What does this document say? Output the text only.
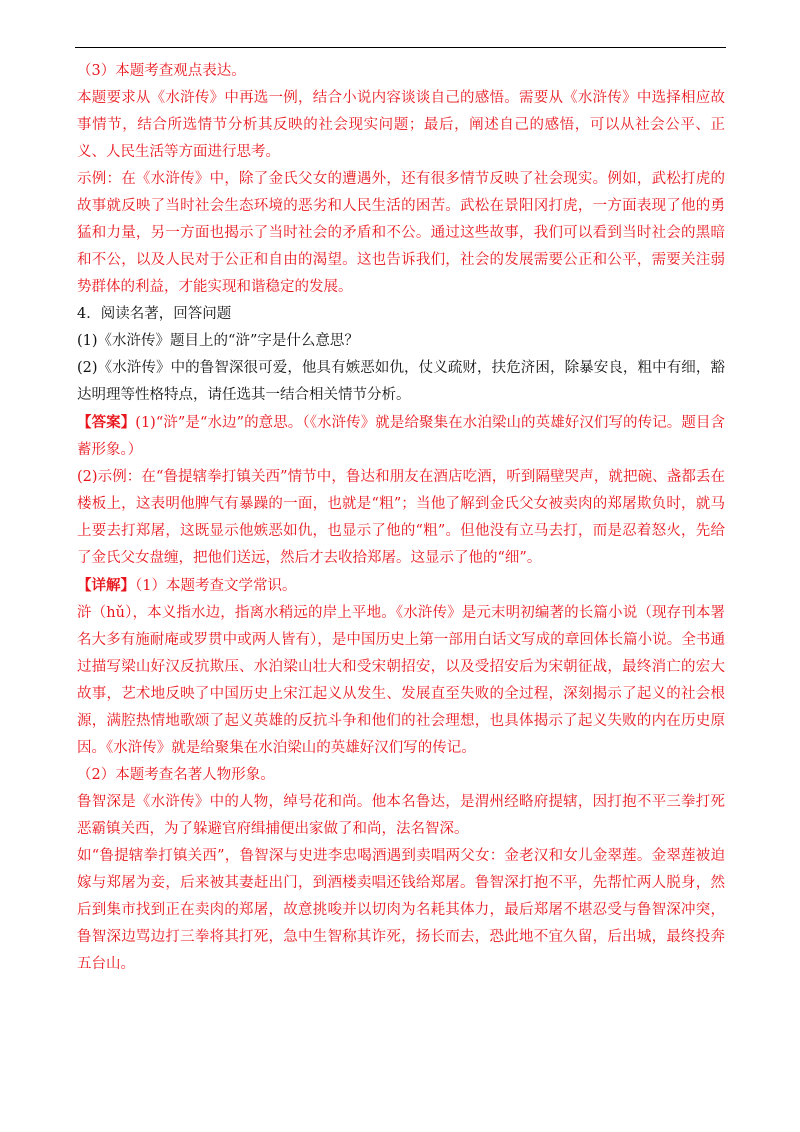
（3）本题考查观点表达。

本题要求从《水浒传》中再选一例，结合小说内容谈谈自己的感悟。需要从《水浒传》中选择相应故事情节，结合所选情节分析其反映的社会现实问题；最后，阐述自己的感悟，可以从社会公平、正义、人民生活等方面进行思考。

示例：在《水浒传》中，除了金氏父女的遭遇外，还有很多情节反映了社会现实。例如，武松打虎的故事就反映了当时社会生态环境的恶劣和人民生活的困苦。武松在景阳冈打虎，一方面表现了他的勇猛和力量，另一方面也揭示了当时社会的矛盾和不公。通过这些故事，我们可以看到当时社会的黑暗和不公，以及人民对于公正和自由的渴望。这也告诉我们，社会的发展需要公正和公平，需要关注弱势群体的利益，才能实现和谐稳定的发展。

4．阅读名著，回答问题

(1)《水浒传》题目上的“浒”字是什么意思？

(2)《水浒传》中的鲁智深很可爱，他具有嫉恶如仇，仗义疏财，扶危济困，除暴安良，粗中有细，豁达明理等性格特点，请任选其一结合相关情节分析。

【答案】(1)“浒”是“水边”的意思。（《水浒传》就是给聚集在水泊梁山的英雄好汉们写的传记。题目含蓄形象。）

(2)示例：在“鲁提辖拳打镇关西”情节中，鲁达和朋友在酒店吃酒，听到隔壁哭声，就把碗、盏都丢在楼板上，这表明他脾气有暴躁的一面，也就是“粗”；当他了解到金氏父女被卖肉的郑屠欺负时，就马上要去打郑屠，这既显示他嫉恶如仇，也显示了他的“粗”。但他没有立马去打，而是忍着怒火，先给了金氏父女盘缠，把他们送远，然后才去收拾郑屠。这显示了他的“细”。

【详解】（1）本题考查文学常识。

浒（hǔ），本义指水边，指离水稍远的岸上平地。《水浒传》是元末明初编著的长篇小说（现存刊本署名大多有施耐庵或罗贯中或两人皆有），是中国历史上第一部用白话文写成的章回体长篇小说。全书通过描写梁山好汉反抗欺压、水泊梁山壮大和受宋朝招安，以及受招安后为宋朝征战，最终消亡的宏大故事，艺术地反映了中国历史上宋江起义从发生、发展直至失败的全过程，深刻揭示了起义的社会根源，满腔热情地歌颂了起义英雄的反抗斗争和他们的社会理想，也具体揭示了起义失败的内在历史原因。《水浒传》就是给聚集在水泊梁山的英雄好汉们写的传记。

（2）本题考查名著人物形象。

鲁智深是《水浒传》中的人物，绰号花和尚。他本名鲁达，是渭州经略府提辖，因打抱不平三拳打死恶霸镇关西，为了躲避官府缉捕便出家做了和尚，法名智深。

如“鲁提辖拳打镇关西”，鲁智深与史进李忠喝酒遇到卖唱两父女：金老汉和女儿金翠莲。金翠莲被迫嫁与郑屠为妾，后来被其妻赶出门，到酒楼卖唱还钱给郑屠。鲁智深打抱不平，先帮忙两人脱身，然后到集市找到正在卖肉的郑屠，故意挑唆并以切肉为名耗其体力，最后郑屠不堪忍受与鲁智深冲突，鲁智深边骂边打三拳将其打死，急中生智称其诈死，扬长而去，恐此地不宜久留，后出城，最终投奔五台山。
